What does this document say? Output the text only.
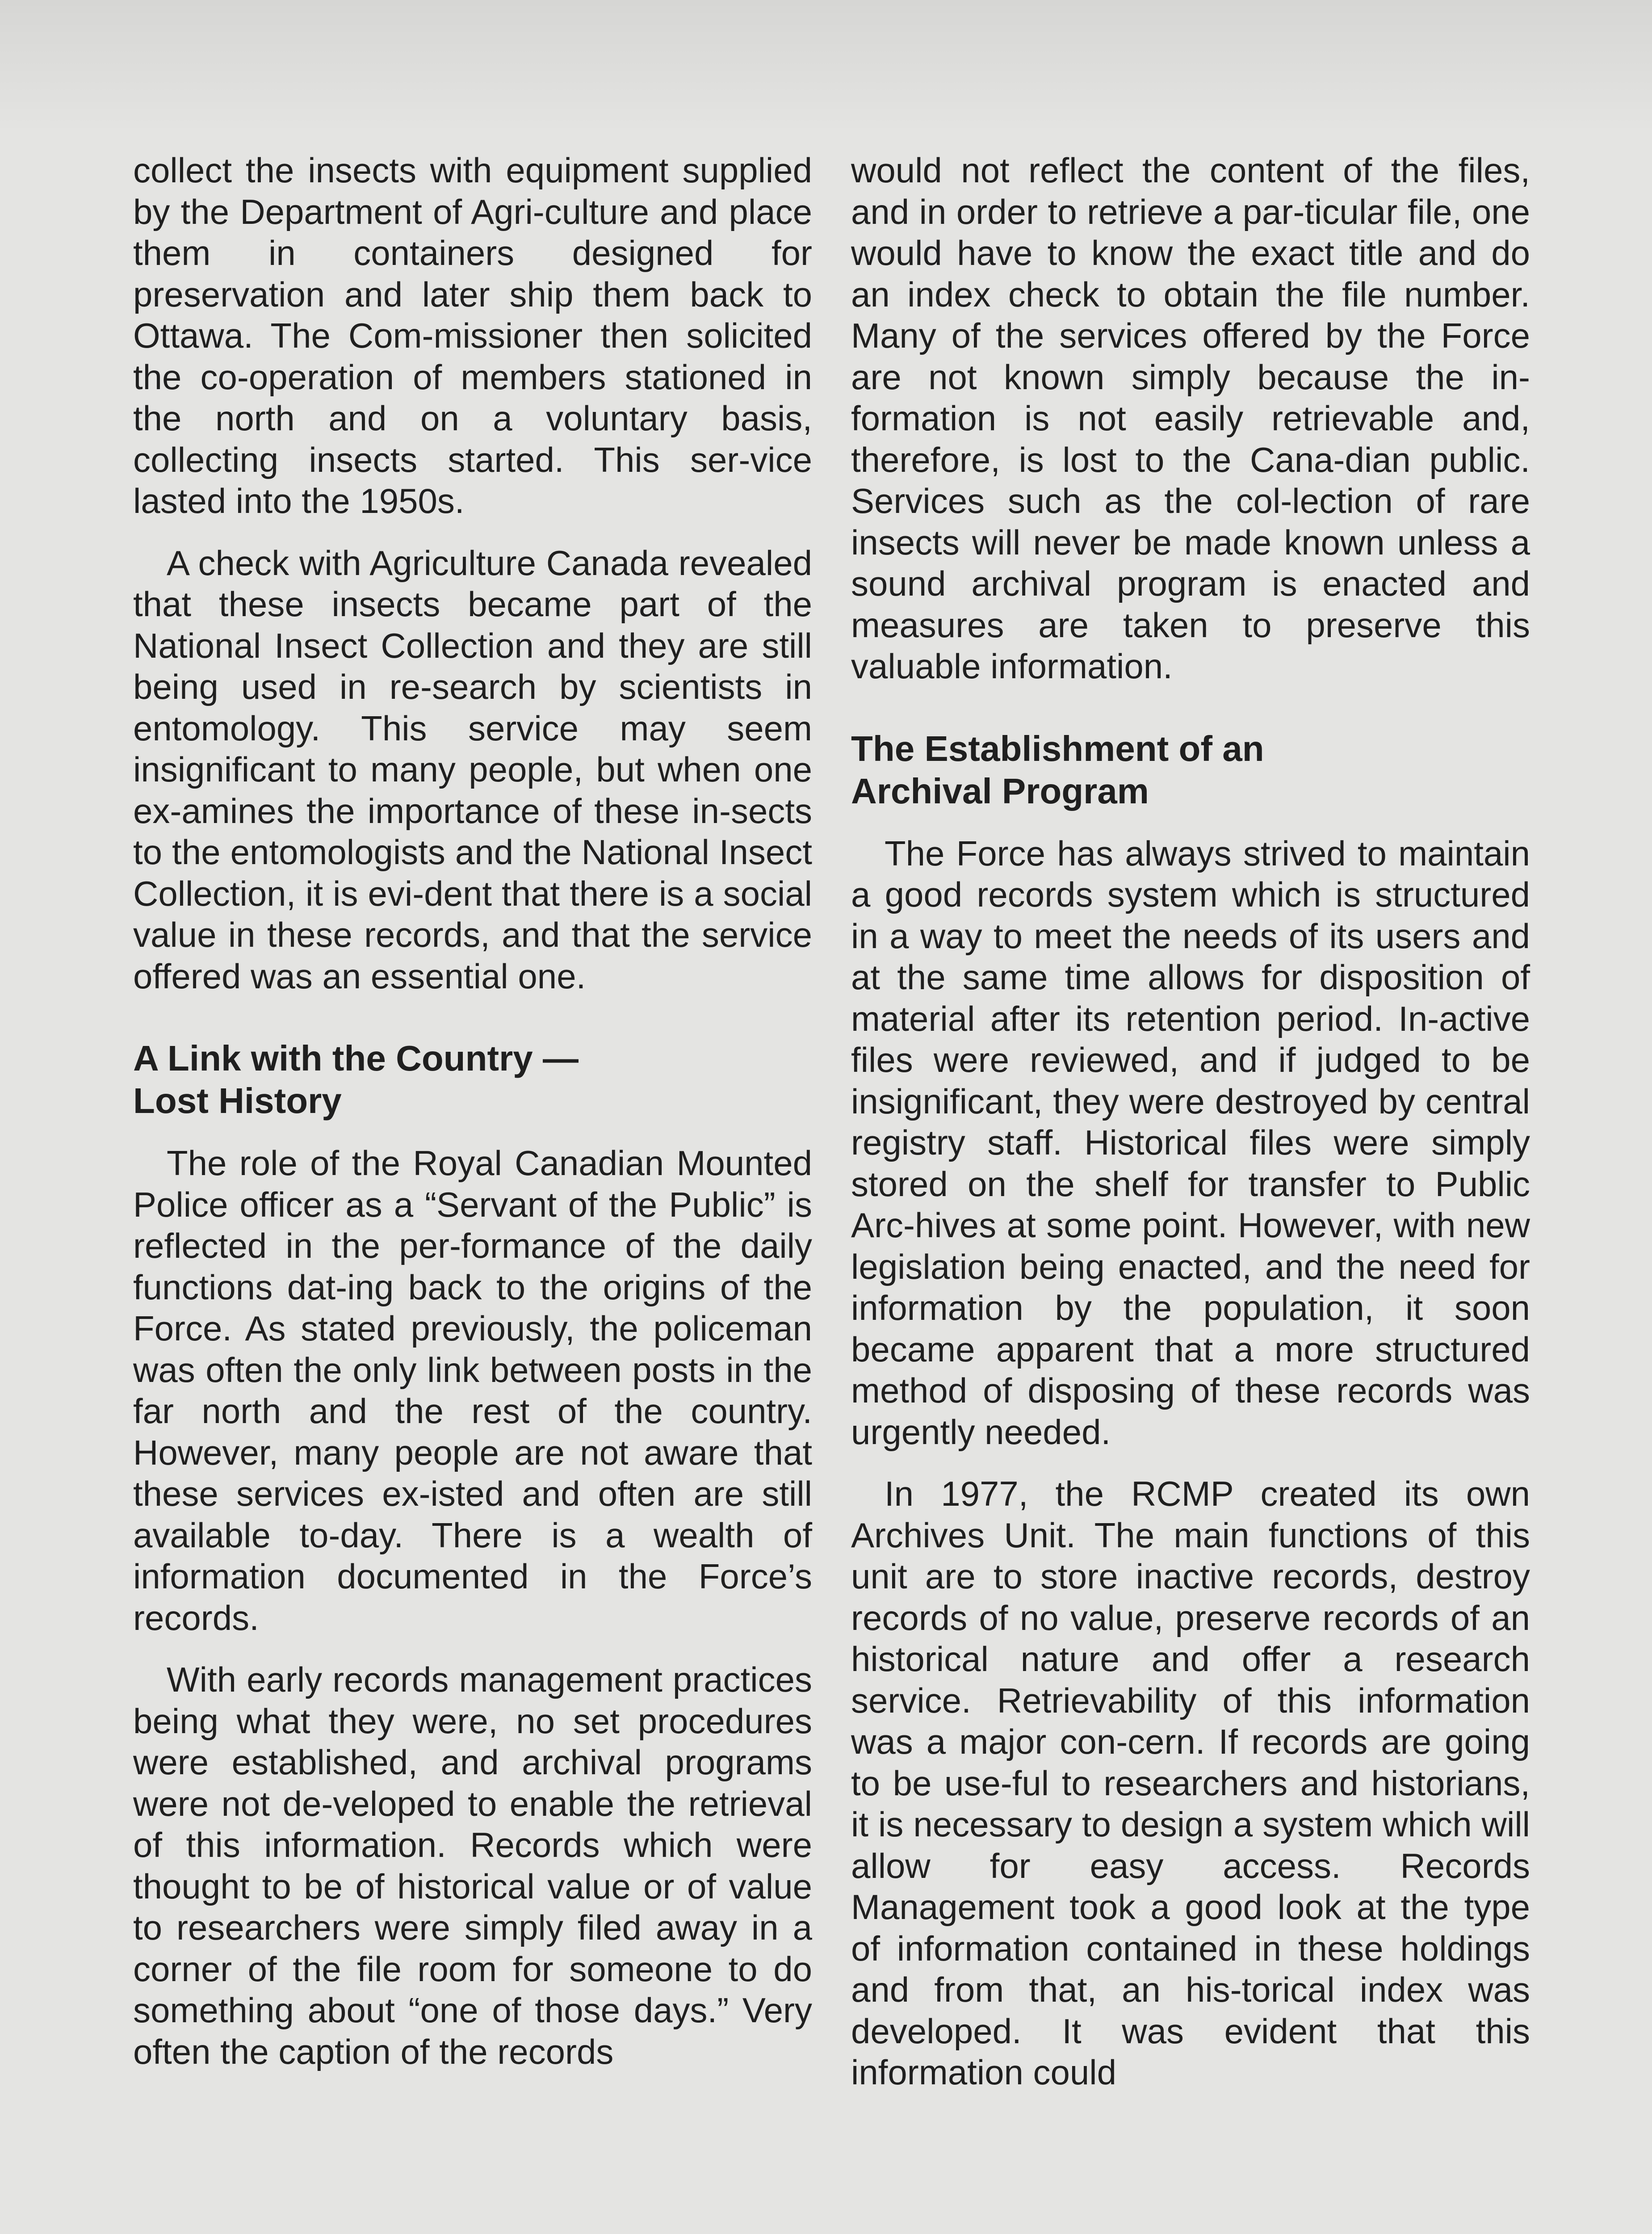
collect the insects with equipment supplied by the Department of Agri-culture and place them in containers designed for preservation and later ship them back to Ottawa. The Com-missioner then solicited the co-operation of members stationed in the north and on a voluntary basis, collecting insects started. This ser-vice lasted into the 1950s.

A check with Agriculture Canada revealed that these insects became part of the National Insect Collection and they are still being used in re-search by scientists in entomology. This service may seem insignificant to many people, but when one ex-amines the importance of these in-sects to the entomologists and the National Insect Collection, it is evi-dent that there is a social value in these records, and that the service offered was an essential one.

A Link with the Country —
Lost History

The role of the Royal Canadian Mounted Police officer as a “Servant of the Public” is reflected in the per-formance of the daily functions dat-ing back to the origins of the Force. As stated previously, the policeman was often the only link between posts in the far north and the rest of the country. However, many people are not aware that these services ex-isted and often are still available to-day. There is a wealth of information documented in the Force’s records.

With early records management practices being what they were, no set procedures were established, and archival programs were not de-veloped to enable the retrieval of this information. Records which were thought to be of historical value or of value to researchers were simply filed away in a corner of the file room for someone to do something about “one of those days.” Very often the caption of the records

would not reflect the content of the files, and in order to retrieve a par-ticular file, one would have to know the exact title and do an index check to obtain the file number. Many of the services offered by the Force are not known simply because the in-formation is not easily retrievable and, therefore, is lost to the Cana-dian public. Services such as the col-lection of rare insects will never be made known unless a sound archival program is enacted and measures are taken to preserve this valuable information.

The Establishment of an
Archival Program

The Force has always strived to maintain a good records system which is structured in a way to meet the needs of its users and at the same time allows for disposition of material after its retention period. In-active files were reviewed, and if judged to be insignificant, they were destroyed by central registry staff. Historical files were simply stored on the shelf for transfer to Public Arc-hives at some point. However, with new legislation being enacted, and the need for information by the population, it soon became apparent that a more structured method of disposing of these records was urgently needed.

In 1977, the RCMP created its own Archives Unit. The main functions of this unit are to store inactive records, destroy records of no value, preserve records of an historical nature and offer a research service. Retrievability of this information was a major con-cern. If records are going to be use-ful to researchers and historians, it is necessary to design a system which will allow for easy access. Records Management took a good look at the type of information contained in these holdings and from that, an his-torical index was developed. It was evident that this information could
